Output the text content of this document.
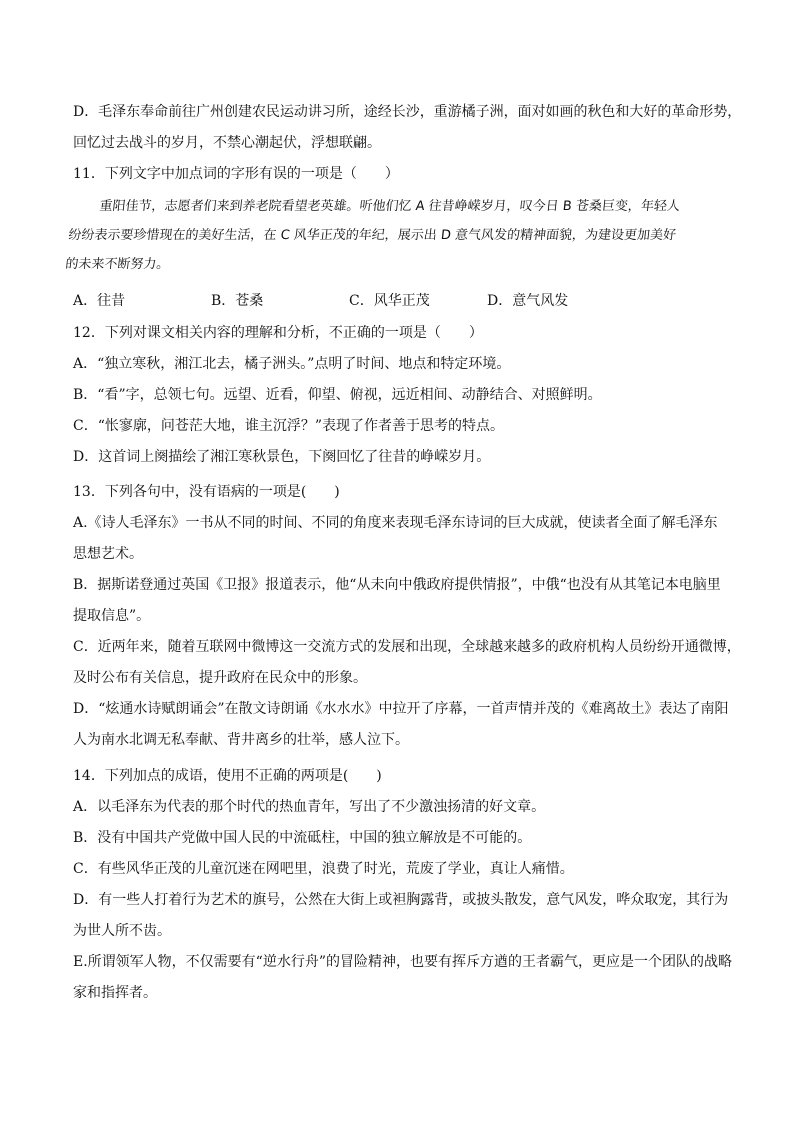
D．毛泽东奉命前往广州创建农民运动讲习所，途经长沙，重游橘子洲，面对如画的秋色和大好的革命形势，
回忆过去战斗的岁月，不禁心潮起伏，浮想联翩。
11．下列文字中加点词的字形有误的一项是（　　）
重阳佳节，志愿者们来到养老院看望老英雄。听他们忆 A 往昔峥嵘岁月，叹今日 B 苍桑巨变，年轻人
纷纷表示要珍惜现在的美好生活，在 C 风华正茂的年纪，展示出 D 意气风发的精神面貌，为建设更加美好
的未来不断努力。
A．往昔	B．苍桑	C．风华正茂	D．意气风发
12．下列对课文相关内容的理解和分析，不正确的一项是（　　）
A．“独立寒秋，湘江北去，橘子洲头。”点明了时间、地点和特定环境。
B．“看”字，总领七句。远望、近看，仰望、俯视，远近相间、动静结合、对照鲜明。
C．“怅寥廓，问苍茫大地，谁主沉浮？”表现了作者善于思考的特点。
D．这首词上阕描绘了湘江寒秋景色，下阕回忆了往昔的峥嵘岁月。
13．下列各句中，没有语病的一项是(　　)
A.《诗人毛泽东》一书从不同的时间、不同的角度来表现毛泽东诗词的巨大成就，使读者全面了解毛泽东
思想艺术。
B．据斯诺登通过英国《卫报》报道表示，他“从未向中俄政府提供情报”，中俄“也没有从其笔记本电脑里
提取信息”。
C．近两年来，随着互联网中微博这一交流方式的发展和出现，全球越来越多的政府机构人员纷纷开通微博，
及时公布有关信息，提升政府在民众中的形象。
D．“炫通水诗赋朗诵会”在散文诗朗诵《水水水》中拉开了序幕，一首声情并茂的《难离故土》表达了南阳
人为南水北调无私奉献、背井离乡的壮举，感人泣下。
14．下列加点的成语，使用不正确的两项是(　　)
A．以毛泽东为代表的那个时代的热血青年，写出了不少激浊扬清的好文章。
B．没有中国共产党做中国人民的中流砥柱，中国的独立解放是不可能的。
C．有些风华正茂的儿童沉迷在网吧里，浪费了时光，荒废了学业，真让人痛惜。
D．有一些人打着行为艺术的旗号，公然在大街上或袒胸露背，或披头散发，意气风发，哗众取宠，其行为
为世人所不齿。
E.所谓领军人物，不仅需要有“逆水行舟”的冒险精神，也要有挥斥方遒的王者霸气，更应是一个团队的战略
家和指挥者。
